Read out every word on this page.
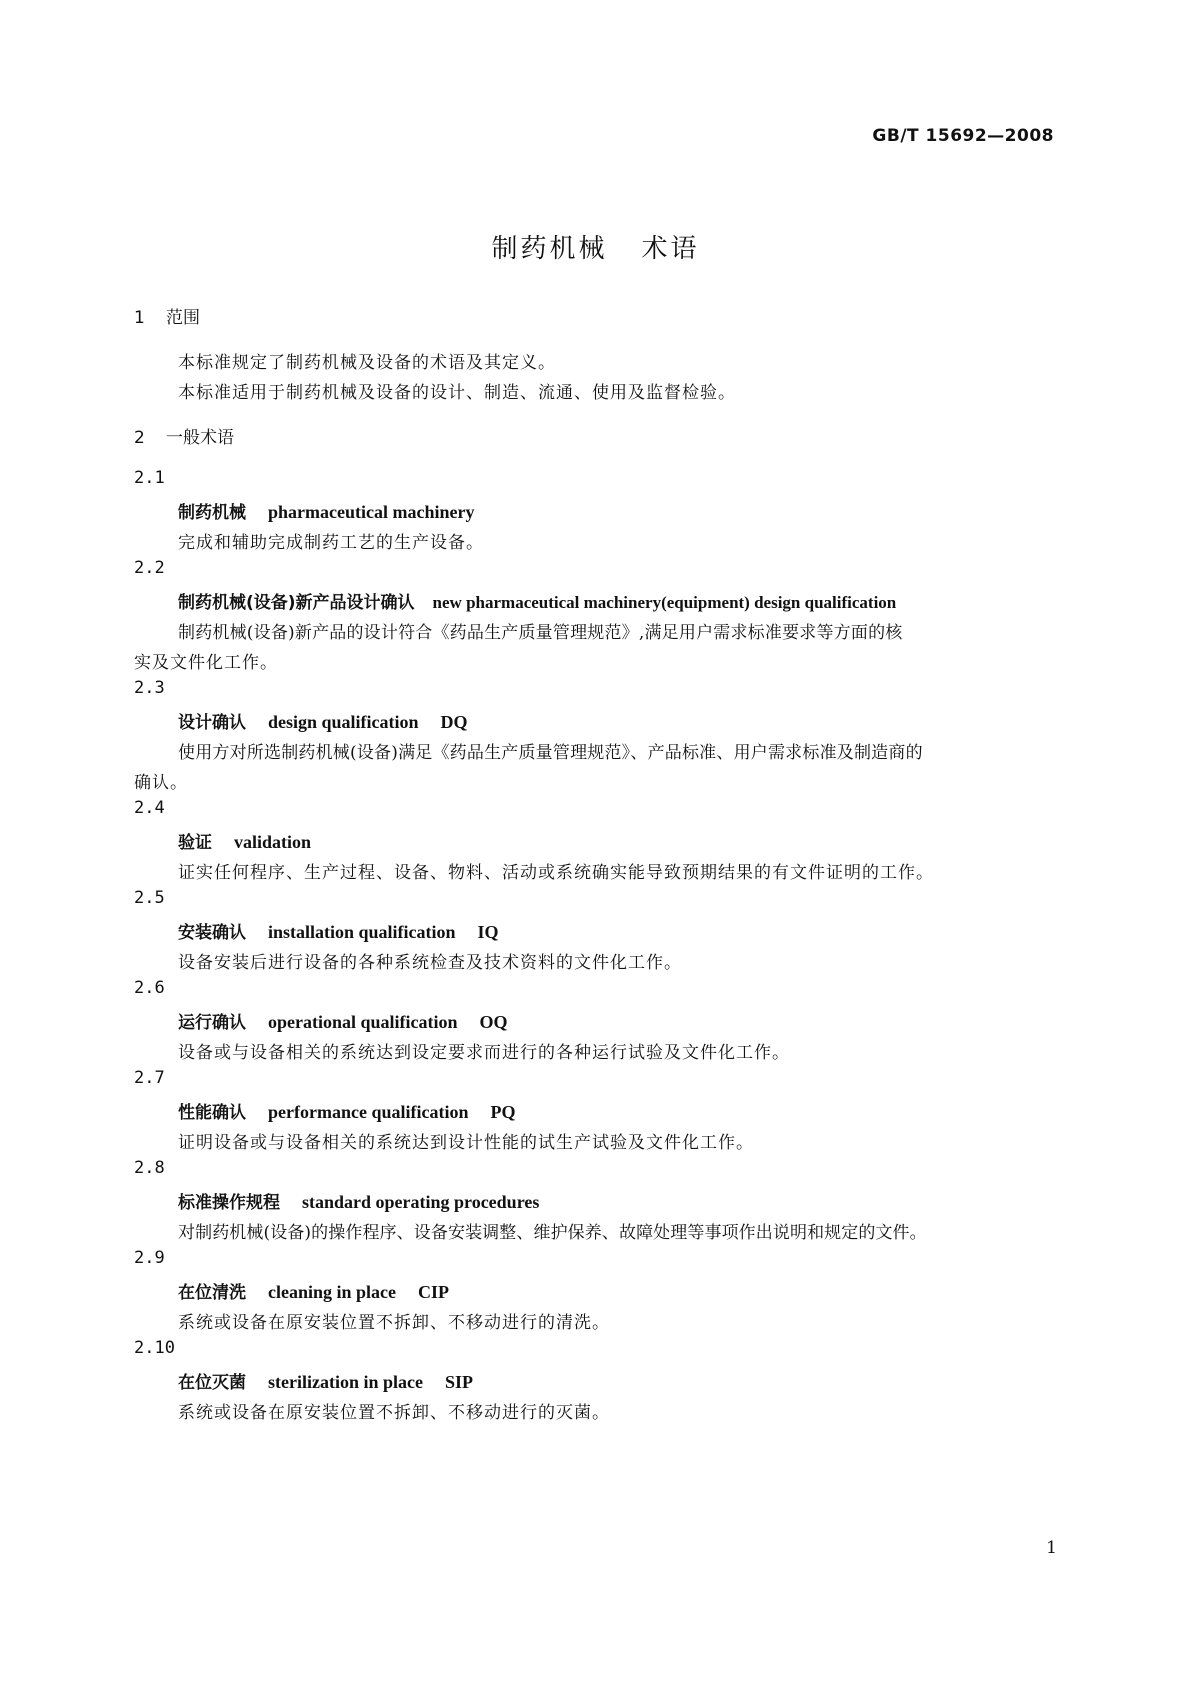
GB/T 15692—2008
制药机械 术语
1 范围
本标准规定了制药机械及设备的术语及其定义。
本标准适用于制药机械及设备的设计、制造、流通、使用及监督检验。
2 一般术语
2.1
制药机械 pharmaceutical machinery
完成和辅助完成制药工艺的生产设备。
2.2
制药机械(设备)新产品设计确认 new pharmaceutical machinery(equipment) design qualification
制药机械(设备)新产品的设计符合《药品生产质量管理规范》,满足用户需求标准要求等方面的核
实及文件化工作。
2.3
设计确认 design qualification DQ
使用方对所选制药机械(设备)满足《药品生产质量管理规范》、产品标准、用户需求标准及制造商的
确认。
2.4
验证 validation
证实任何程序、生产过程、设备、物料、活动或系统确实能导致预期结果的有文件证明的工作。
2.5
安装确认 installation qualification IQ
设备安装后进行设备的各种系统检查及技术资料的文件化工作。
2.6
运行确认 operational qualification OQ
设备或与设备相关的系统达到设定要求而进行的各种运行试验及文件化工作。
2.7
性能确认 performance qualification PQ
证明设备或与设备相关的系统达到设计性能的试生产试验及文件化工作。
2.8
标准操作规程 standard operating procedures
对制药机械(设备)的操作程序、设备安装调整、维护保养、故障处理等事项作出说明和规定的文件。
2.9
在位清洗 cleaning in place CIP
系统或设备在原安装位置不拆卸、不移动进行的清洗。
2.10
在位灭菌 sterilization in place SIP
系统或设备在原安装位置不拆卸、不移动进行的灭菌。
1
